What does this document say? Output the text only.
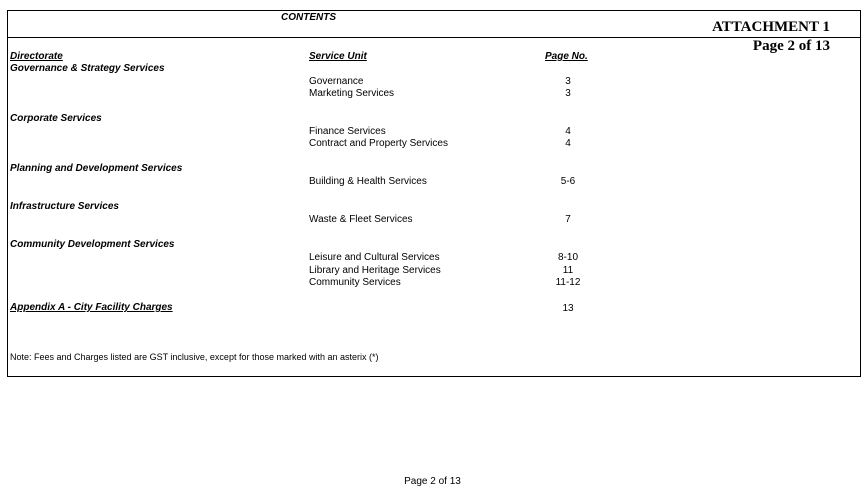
CONTENTS
ATTACHMENT 1
Page 2 of 13
Directorate	Service Unit	Page No.
Governance & Strategy Services
Governance	3
Marketing Services	3
Corporate Services
Finance Services	4
Contract and Property Services	4
Planning and Development Services
Building & Health Services	5-6
Infrastructure Services
Waste & Fleet Services	7
Community Development Services
Leisure and Cultural Services	8-10
Library and Heritage Services	11
Community Services	11-12
Appendix A - City Facility Charges	13
Note: Fees and Charges listed are GST inclusive, except for those marked with an asterix (*)
Page 2 of 13
